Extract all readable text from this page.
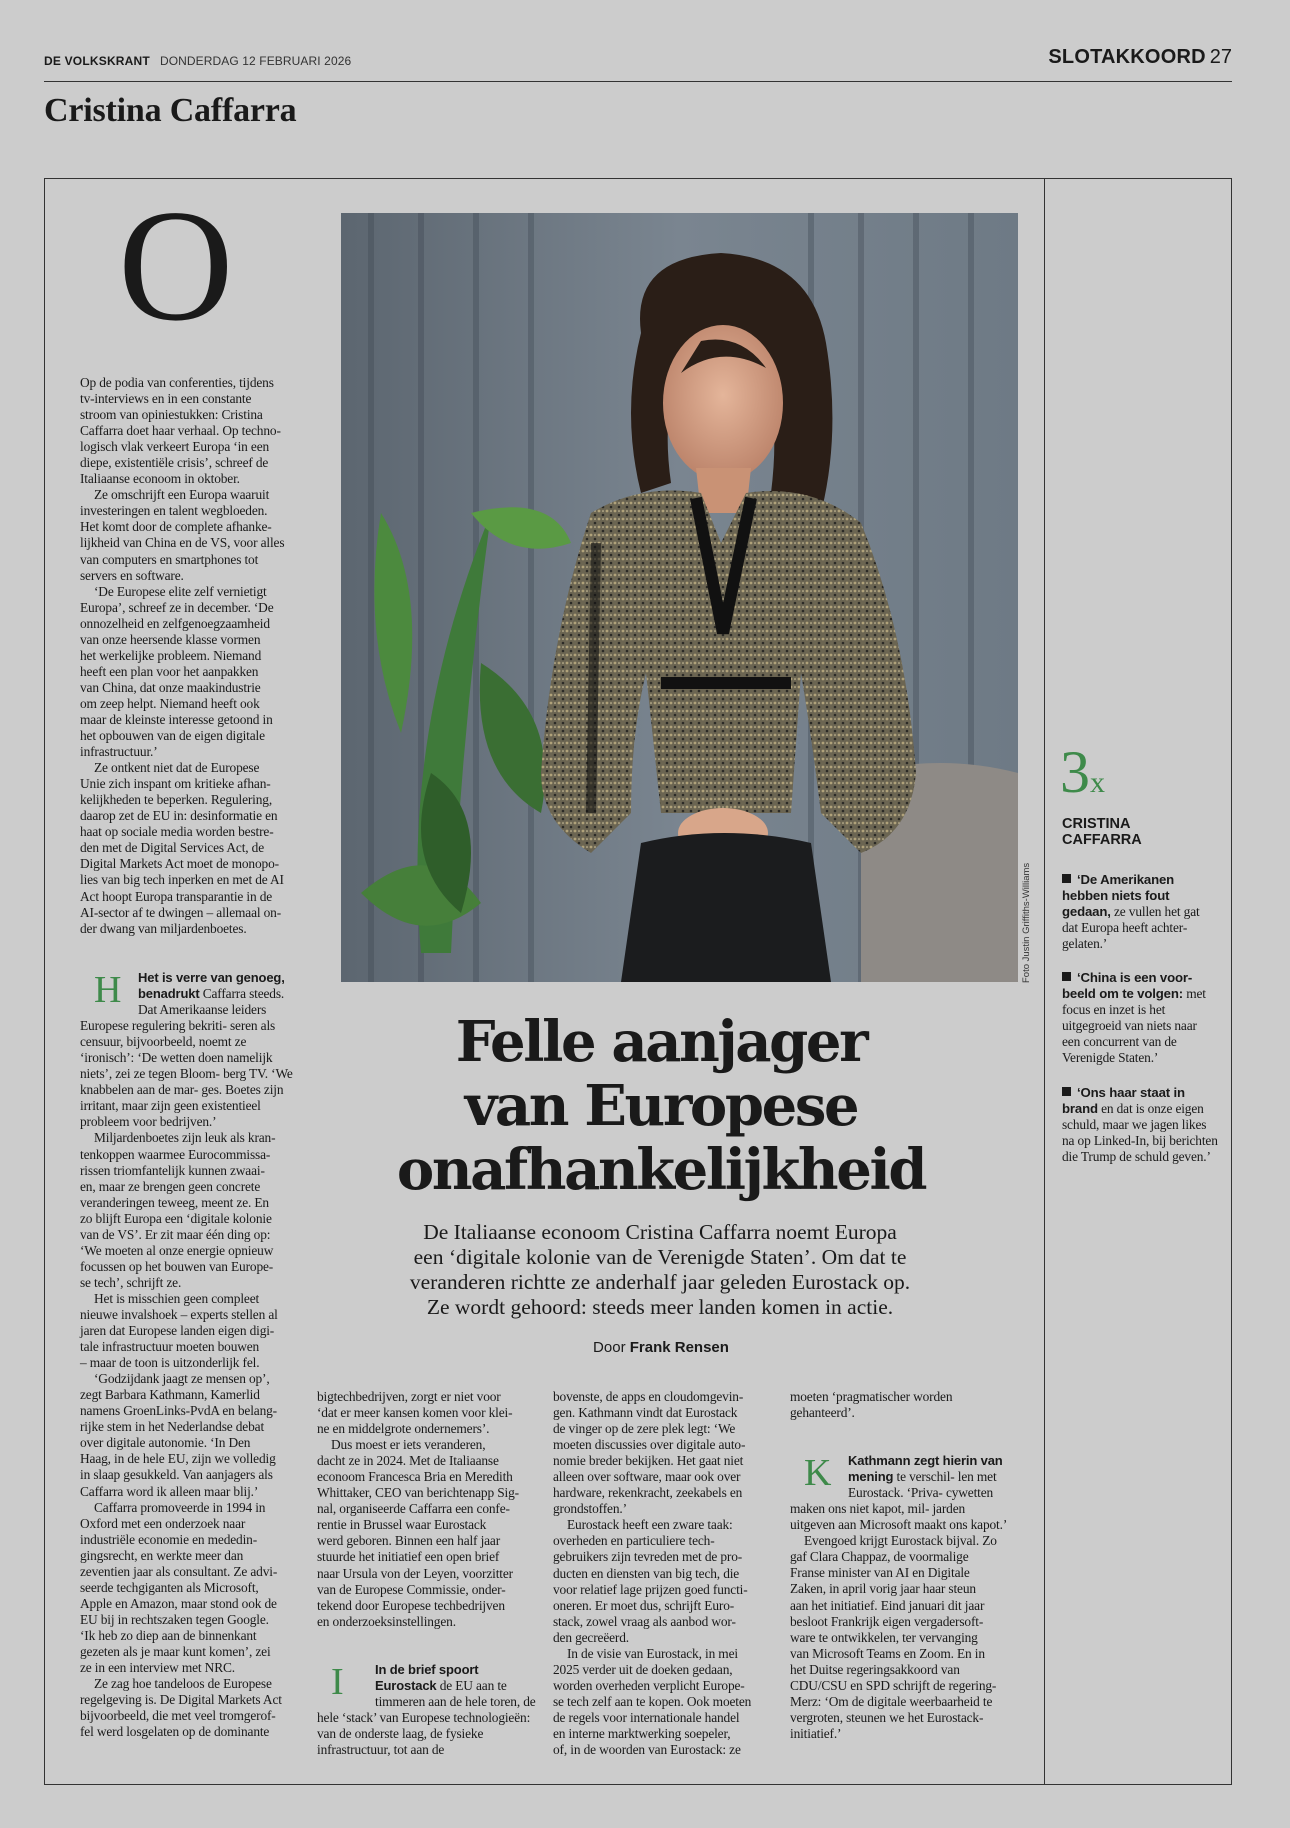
DE VOLKSKRANT DONDERDAG 12 FEBRUARI 2026	SLOTAKKOORD 27
Cristina Caffarra
O

Op de podia van conferenties, tijdens
tv-interviews en in een constante
stroom van opiniestukken: Cristina
Caffarra doet haar verhaal. Op techno-
logisch vlak verkeert Europa ‘in een
diepe, existentiële crisis’, schreef de
Italiaanse econoom in oktober.

Ze omschrijft een Europa waaruit
investeringen en talent wegbloeden.
Het komt door de complete afhanke-
lijkheid van China en de VS, voor alles
van computers en smartphones tot
servers en software.

‘De Europese elite zelf vernietigt
Europa’, schreef ze in december. ‘De
onnozelheid en zelfgenoegzaamheid
van onze heersende klasse vormen
het werkelijke probleem. Niemand
heeft een plan voor het aanpakken
van China, dat onze maakindustrie
om zeep helpt. Niemand heeft ook
maar de kleinste interesse getoond in
het opbouwen van de eigen digitale
infrastructuur.’

Ze ontkent niet dat de Europese
Unie zich inspant om kritieke afhan-
kelijkheden te beperken. Regulering,
daarop zet de EU in: desinformatie en
haat op sociale media worden bestre-
den met de Digital Services Act, de
Digital Markets Act moet de monopo-
lies van big tech inperken en met de AI
Act hoopt Europa transparantie in de
AI-sector af te dwingen – allemaal on-
der dwang van miljardenboetes.

H	Het is verre van genoeg, benadrukt Caffarra steeds. Dat Amerikaanse leiders Europese regulering bekriti- seren als censuur, bijvoorbeeld, noemt ze ‘ironisch’: ‘De wetten doen namelijk niets’, zei ze tegen Bloom- berg TV. ‘We knabbelen aan de mar- ges. Boetes zijn irritant, maar zijn geen existentieel probleem voor bedrijven.’

Miljardenboetes zijn leuk als kran-
tenkoppen waarmee Eurocommissa-
rissen triomfantelijk kunnen zwaai-
en, maar ze brengen geen concrete
veranderingen teweeg, meent ze. En
zo blijft Europa een ‘digitale kolonie
van de VS’. Er zit maar één ding op:
‘We moeten al onze energie opnieuw
focussen op het bouwen van Europe-
se tech’, schrijft ze.

Het is misschien geen compleet
nieuwe invalshoek – experts stellen al
jaren dat Europese landen eigen digi-
tale infrastructuur moeten bouwen
– maar de toon is uitzonderlijk fel.

‘Godzijdank jaagt ze mensen op’,
zegt Barbara Kathmann, Kamerlid
namens GroenLinks-PvdA en belang-
rijke stem in het Nederlandse debat
over digitale autonomie. ‘In Den
Haag, in de hele EU, zijn we volledig
in slaap gesukkeld. Van aanjagers als
Caffarra word ik alleen maar blij.’

Caffarra promoveerde in 1994 in
Oxford met een onderzoek naar
industriële economie en mededin-
gingsrecht, en werkte meer dan
zeventien jaar als consultant. Ze advi-
seerde techgiganten als Microsoft,
Apple en Amazon, maar stond ook de
EU bij in rechtszaken tegen Google.
‘Ik heb zo diep aan de binnenkant
gezeten als je maar kunt komen’, zei
ze in een interview met NRC.

Ze zag hoe tandeloos de Europese
regelgeving is. De Digital Markets Act
bijvoorbeeld, die met veel tromgerof-
fel werd losgelaten op de dominante

Foto Justin Griffiths-Williams
Felle aanjager
van Europese
onafhankelijkheid
De Italiaanse econoom Cristina Caffarra noemt Europa
een ‘digitale kolonie van de Verenigde Staten’. Om dat te
veranderen richtte ze anderhalf jaar geleden Eurostack op.
Ze wordt gehoord: steeds meer landen komen in actie.
Door Frank Rensen

bigtechbedrijven, zorgt er niet voor
‘dat er meer kansen komen voor klei-
ne en middelgrote ondernemers’.

Dus moest er iets veranderen,
dacht ze in 2024. Met de Italiaanse
econoom Francesca Bria en Meredith
Whittaker, CEO van berichtenapp Sig-
nal, organiseerde Caffarra een confe-
rentie in Brussel waar Eurostack
werd geboren. Binnen een half jaar
stuurde het initiatief een open brief
naar Ursula von der Leyen, voorzitter
van de Europese Commissie, onder-
tekend door Europese techbedrijven
en onderzoeksinstellingen.

I	In de brief spoort Eurostack de EU aan te timmeren aan de hele toren, de hele ‘stack’ van Europese technologieën: van de onderste laag, de fysieke infrastructuur, tot aan de

bovenste, de apps en cloudomgevin-
gen. Kathmann vindt dat Eurostack
de vinger op de zere plek legt: ‘We
moeten discussies over digitale auto-
nomie breder bekijken. Het gaat niet
alleen over software, maar ook over
hardware, rekenkracht, zeekabels en
grondstoffen.’

Eurostack heeft een zware taak:
overheden en particuliere tech-
gebruikers zijn tevreden met de pro-
ducten en diensten van big tech, die
voor relatief lage prijzen goed functi-
oneren. Er moet dus, schrijft Euro-
stack, zowel vraag als aanbod wor-
den gecreëerd.

In de visie van Eurostack, in mei
2025 verder uit de doeken gedaan,
worden overheden verplicht Europe-
se tech zelf aan te kopen. Ook moeten
de regels voor internationale handel
en interne marktwerking soepeler,
of, in de woorden van Eurostack: ze

moeten ‘pragmatischer worden
gehanteerd’.

K	Kathmann zegt hierin van mening te verschil- len met Eurostack. ‘Priva- cywetten maken ons niet kapot, mil- jarden uitgeven aan Microsoft maakt ons kapot.’

Evengoed krijgt Eurostack bijval. Zo
gaf Clara Chappaz, de voormalige
Franse minister van AI en Digitale
Zaken, in april vorig jaar haar steun
aan het initiatief. Eind januari dit jaar
besloot Frankrijk eigen vergadersoft-
ware te ontwikkelen, ter vervanging
van Microsoft Teams en Zoom. En in
het Duitse regeringsakkoord van
CDU/CSU en SPD schrijft de regering-
Merz: ‘Om de digitale weerbaarheid te
vergroten, steunen we het Eurostack-
initiatief.’

3x
CRISTINA
CAFFARRA
‘De Amerikanen hebben niets fout gedaan, ze vullen het gat dat Europa heeft achter-gelaten.’
‘China is een voor-beeld om te volgen: met focus en inzet is het uitgegroeid van niets naar een concurrent van de Verenigde Staten.’
‘Ons haar staat in brand en dat is onze eigen schuld, maar we jagen likes na op Linked-In, bij berichten die Trump de schuld geven.’
